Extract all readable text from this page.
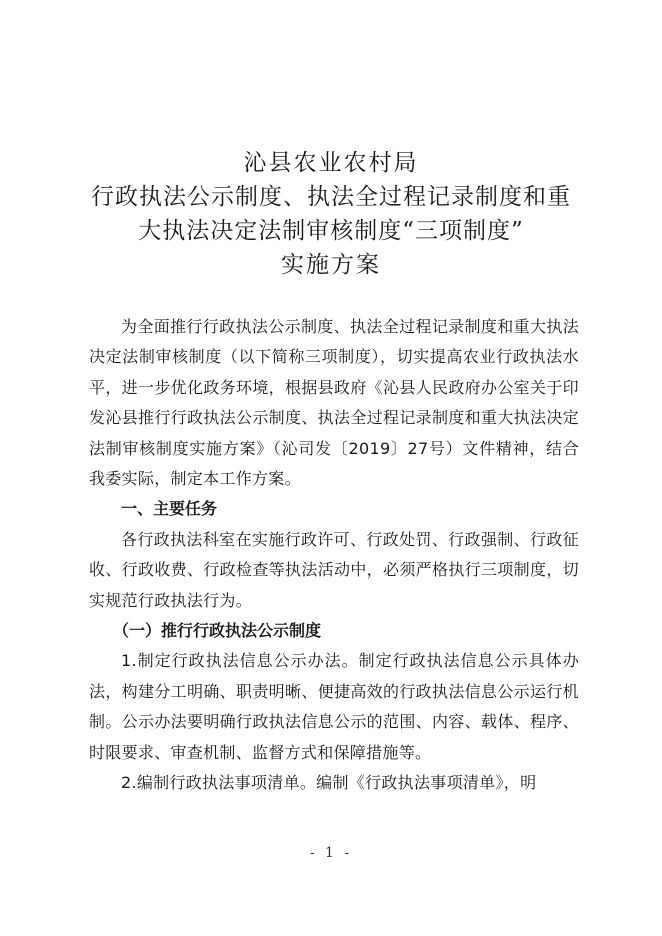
沁县农业农村局
行政执法公示制度、执法全过程记录制度和重
大执法决定法制审核制度“三项制度”
实施方案

为全面推行行政执法公示制度、执法全过程记录制度和重大执法决定法制审核制度（以下简称三项制度），切实提高农业行政执法水平，进一步优化政务环境，根据县政府《沁县人民政府办公室关于印发沁县推行行政执法公示制度、执法全过程记录制度和重大执法决定法制审核制度实施方案》（沁司发〔2019〕27号）文件精神，结合我委实际，制定本工作方案。

一、主要任务

各行政执法科室在实施行政许可、行政处罚、行政强制、行政征收、行政收费、行政检查等执法活动中，必须严格执行三项制度，切实规范行政执法行为。

（一）推行行政执法公示制度

1.制定行政执法信息公示办法。制定行政执法信息公示具体办法，构建分工明确、职责明晰、便捷高效的行政执法信息公示运行机制。公示办法要明确行政执法信息公示的范围、内容、载体、程序、时限要求、审查机制、监督方式和保障措施等。

2.编制行政执法事项清单。编制《行政执法事项清单》，明

- 1 -
